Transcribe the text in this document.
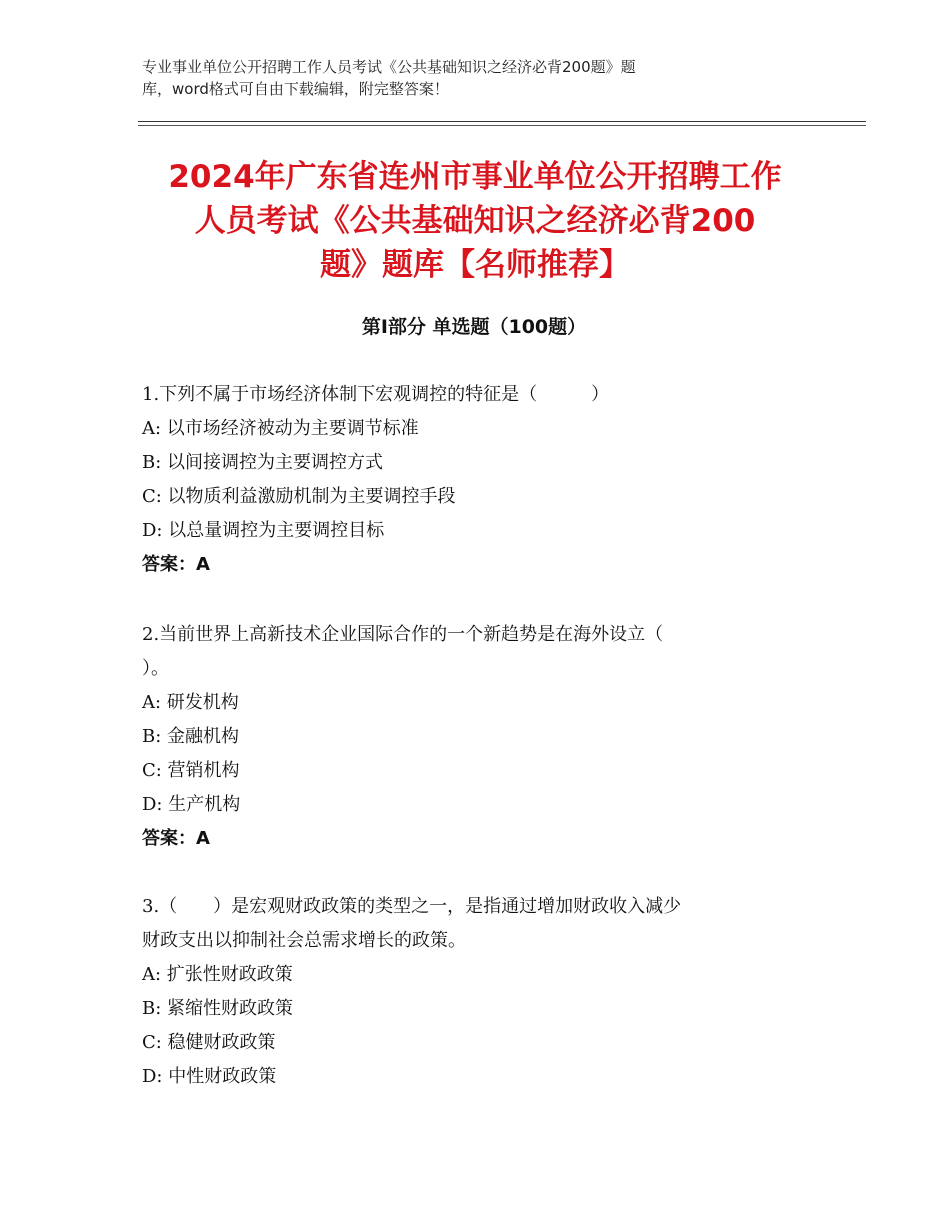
专业事业单位公开招聘工作人员考试《公共基础知识之经济必背200题》题
库，word格式可自由下载编辑，附完整答案！
2024年广东省连州市事业单位公开招聘工作
人员考试《公共基础知识之经济必背200
题》题库【名师推荐】
第I部分 单选题（100题）

1.下列不属于市场经济体制下宏观调控的特征是（　　　）

A: 以市场经济被动为主要调节标准

B: 以间接调控为主要调控方式

C: 以物质利益激励机制为主要调控手段

D: 以总量调控为主要调控目标

答案：A

2.当前世界上高新技术企业国际合作的一个新趋势是在海外设立（

）。

A: 研发机构

B: 金融机构

C: 营销机构

D: 生产机构

答案：A

3.（　　）是宏观财政政策的类型之一，是指通过增加财政收入减少

财政支出以抑制社会总需求增长的政策。

A: 扩张性财政政策

B: 紧缩性财政政策

C: 稳健财政政策

D: 中性财政政策
